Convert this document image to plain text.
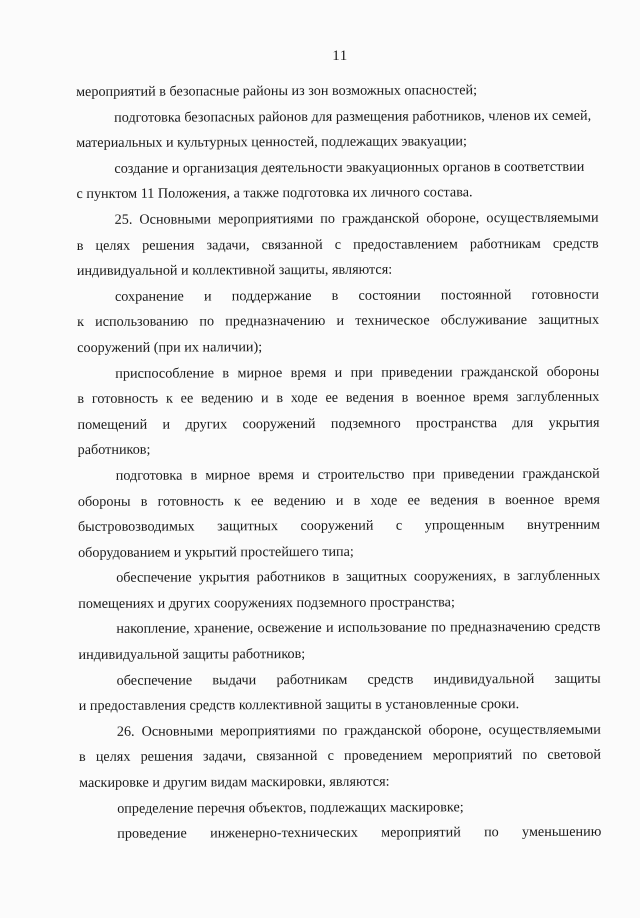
11
мероприятий в безопасные районы из зон возможных опасностей;
подготовка безопасных районов для размещения работников, членов их семей,
материальных и культурных ценностей, подлежащих эвакуации;
создание и организация деятельности эвакуационных органов в соответствии
с пунктом 11 Положения, а также подготовка их личного состава.
25. Основными мероприятиями по гражданской обороне, осуществляемыми
в целях решения задачи, связанной с предоставлением работникам средств
индивидуальной и коллективной защиты, являются:
сохранение и поддержание в состоянии постоянной готовности
к использованию по предназначению и техническое обслуживание защитных
сооружений (при их наличии);
приспособление в мирное время и при приведении гражданской обороны
в готовность к ее ведению и в ходе ее ведения в военное время заглубленных
помещений и других сооружений подземного пространства для укрытия
работников;
подготовка в мирное время и строительство при приведении гражданской
обороны в готовность к ее ведению и в ходе ее ведения в военное время
быстровозводимых защитных сооружений с упрощенным внутренним
оборудованием и укрытий простейшего типа;
обеспечение укрытия работников в защитных сооружениях, в заглубленных
помещениях и других сооружениях подземного пространства;
накопление, хранение, освежение и использование по предназначению средств
индивидуальной защиты работников;
обеспечение выдачи работникам средств индивидуальной защиты
и предоставления средств коллективной защиты в установленные сроки.
26. Основными мероприятиями по гражданской обороне, осуществляемыми
в целях решения задачи, связанной с проведением мероприятий по световой
маскировке и другим видам маскировки, являются:
определение перечня объектов, подлежащих маскировке;
проведение инженерно-технических мероприятий по уменьшению
